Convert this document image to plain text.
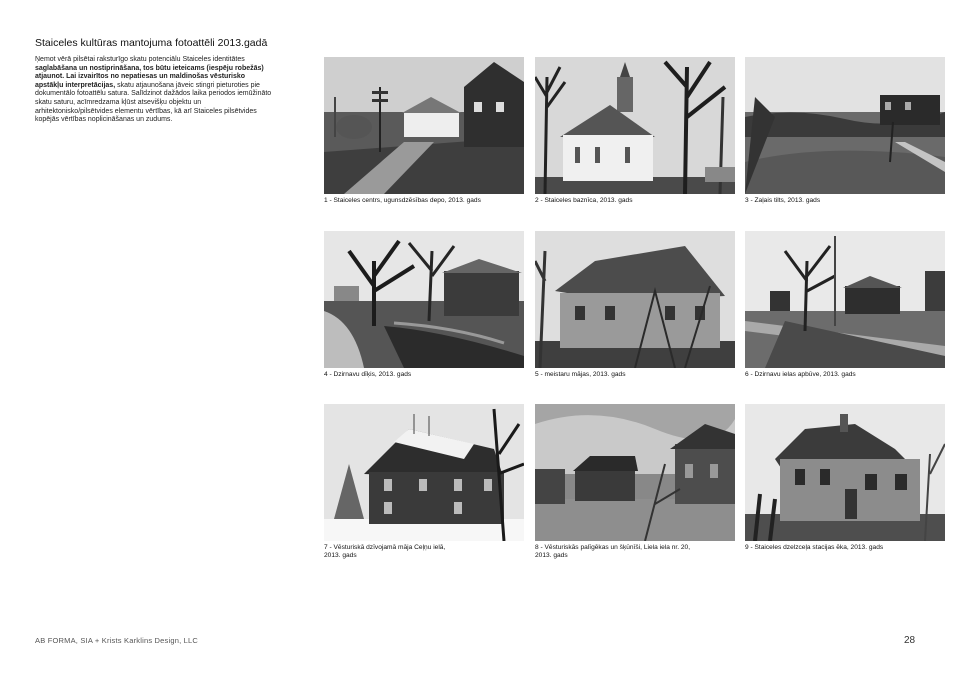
Staiceles kultūras mantojuma fotoattēli 2013.gadā

Ņemot vērā pilsētai raksturīgo skatu potenciālu Staiceles identitātes saglabāšana un nostiprināšana, tos būtu ieteicams (iespēju robežās) atjaunot. Lai izvairītos no nepatiesas un maldinošas vēsturisko apstākļu interpretācijas, skatu atjaunošana jāveic stingri pieturoties pie dokumentālo fotoattēlu satura. Salīdzinot dažādos laika periodos iemūžināto skatu saturu, acīmredzama kļūst atsevišķu objektu un arhitektonisko/pilsētvides elementu vērtības, kā arī Staiceles pilsētvides kopējās vērtības noplicināšanas un zudums.

1 - Staiceles centrs, ugunsdzēsības depo, 2013. gads	2 - Staiceles baznīca, 2013. gads	3 - Zaļais tilts, 2013. gads
4 - Dzirnavu dīķis, 2013. gads	5 - meistaru mājas, 2013. gads	6 - Dzirnavu ielas apbūve, 2013. gads
7 - Vēsturiskā dzīvojamā māja Ceļņu ielā,
2013. gads
8 - Vēsturiskās palīgēkas un šķūnīši, Liela iela nr. 20,
2013. gads
9 - Staiceles dzelzceļa stacijas ēka, 2013. gads
AB FORMA, SIA + Krists Karklins Design, LLC	28
